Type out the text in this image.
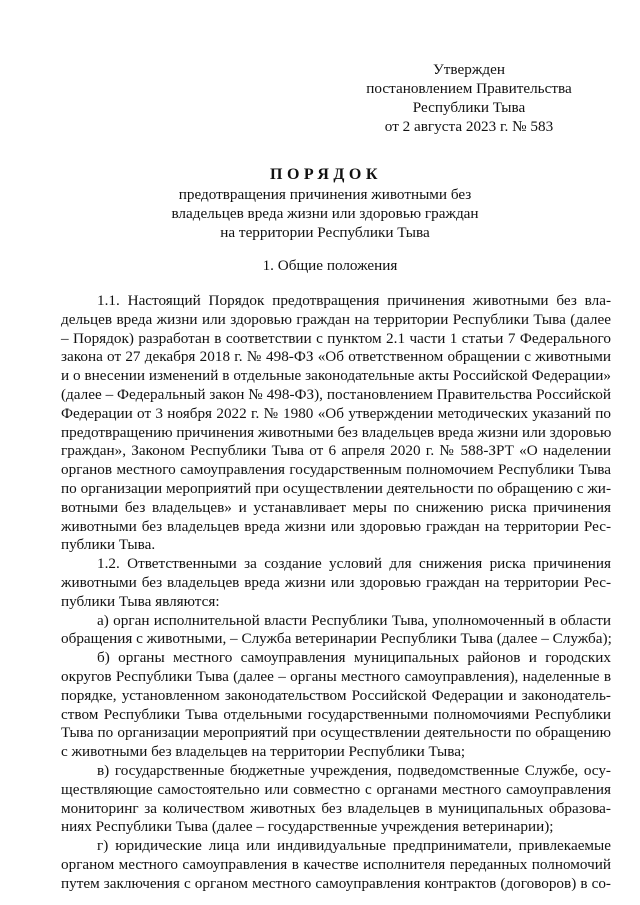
Утвержден
постановлением Правительства
Республики Тыва
от 2 августа 2023 г. № 583
ПОРЯДОК
предотвращения причинения животными без
владельцев вреда жизни или здоровью граждан
на территории Республики Тыва
1. Общие положения
1.1. Настоящий Порядок предотвращения причинения животными без вла-
дельцев вреда жизни или здоровью граждан на территории Республики Тыва (далее
– Порядок) разработан в соответствии с пунктом 2.1 части 1 статьи 7 Федерального
закона от 27 декабря 2018 г. № 498-ФЗ «Об ответственном обращении с животными
и о внесении изменений в отдельные законодательные акты Российской Федерации»
(далее – Федеральный закон № 498-ФЗ), постановлением Правительства Российской
Федерации от 3 ноября 2022 г. № 1980 «Об утверждении методических указаний по
предотвращению причинения животными без владельцев вреда жизни или здоровью
граждан», Законом Республики Тыва от 6 апреля 2020 г. № 588-ЗРТ «О наделении
органов местного самоуправления государственным полномочием Республики Тыва
по организации мероприятий при осуществлении деятельности по обращению с жи-
вотными без владельцев» и устанавливает меры по снижению риска причинения
животными без владельцев вреда жизни или здоровью граждан на территории Рес-
публики Тыва.
1.2. Ответственными за создание условий для снижения риска причинения
животными без владельцев вреда жизни или здоровью граждан на территории Рес-
публики Тыва являются:
а) орган исполнительной власти Республики Тыва, уполномоченный в области
обращения с животными, – Служба ветеринарии Республики Тыва (далее – Служба);
б) органы местного самоуправления муниципальных районов и городских
округов Республики Тыва (далее – органы местного самоуправления), наделенные в
порядке, установленном законодательством Российской Федерации и законодатель-
ством Республики Тыва отдельными государственными полномочиями Республики
Тыва по организации мероприятий при осуществлении деятельности по обращению
с животными без владельцев на территории Республики Тыва;
в) государственные бюджетные учреждения, подведомственные Службе, осу-
ществляющие самостоятельно или совместно с органами местного самоуправления
мониторинг за количеством животных без владельцев в муниципальных образова-
ниях Республики Тыва (далее – государственные учреждения ветеринарии);
г) юридические лица или индивидуальные предприниматели, привлекаемые
органом местного самоуправления в качестве исполнителя переданных полномочий
путем заключения с органом местного самоуправления контрактов (договоров) в со-
